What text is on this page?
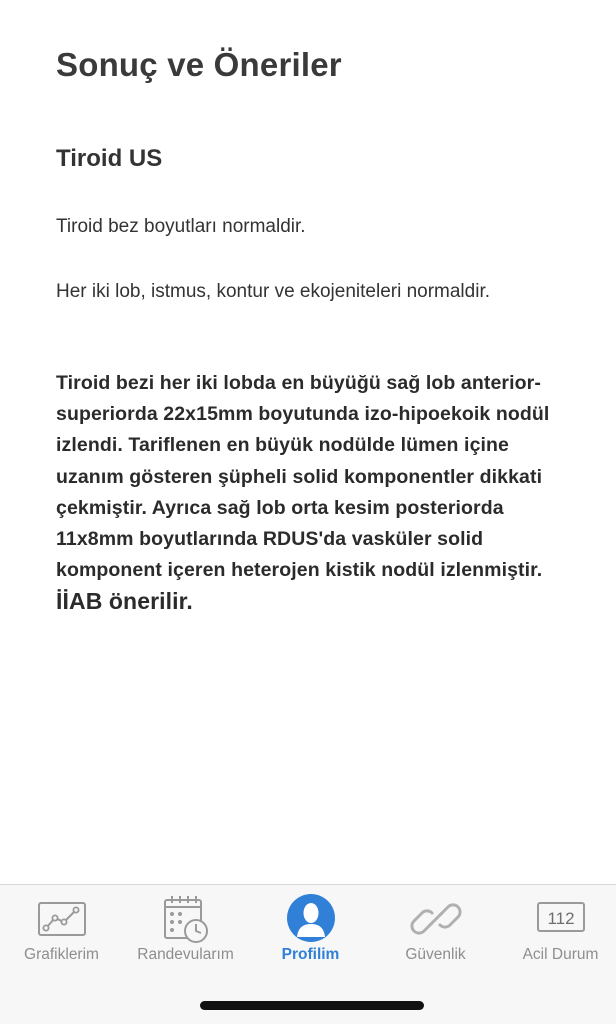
Sonuç ve Öneriler
Tiroid US

Tiroid bez boyutları normaldir.

Her iki lob, istmus, kontur ve ekojeniteleri normaldir.

Tiroid bezi her iki lobda en büyüğü sağ lob anterior-superiorda 22x15mm boyutunda izo-hipoekoik nodül izlendi. Tariflenen en büyük nodülde lümen içine uzanım gösteren şüpheli solid komponentler dikkati çekmiştir. Ayrıca sağ lob orta kesim posteriorda 11x8mm boyutlarında RDUS'da vasküler solid komponent içeren heterojen kistik nodül izlenmiştir. İİAB önerilir.

Grafiklerim	Randevularım	Profilim	Güvenlik
112
Acil Durum
